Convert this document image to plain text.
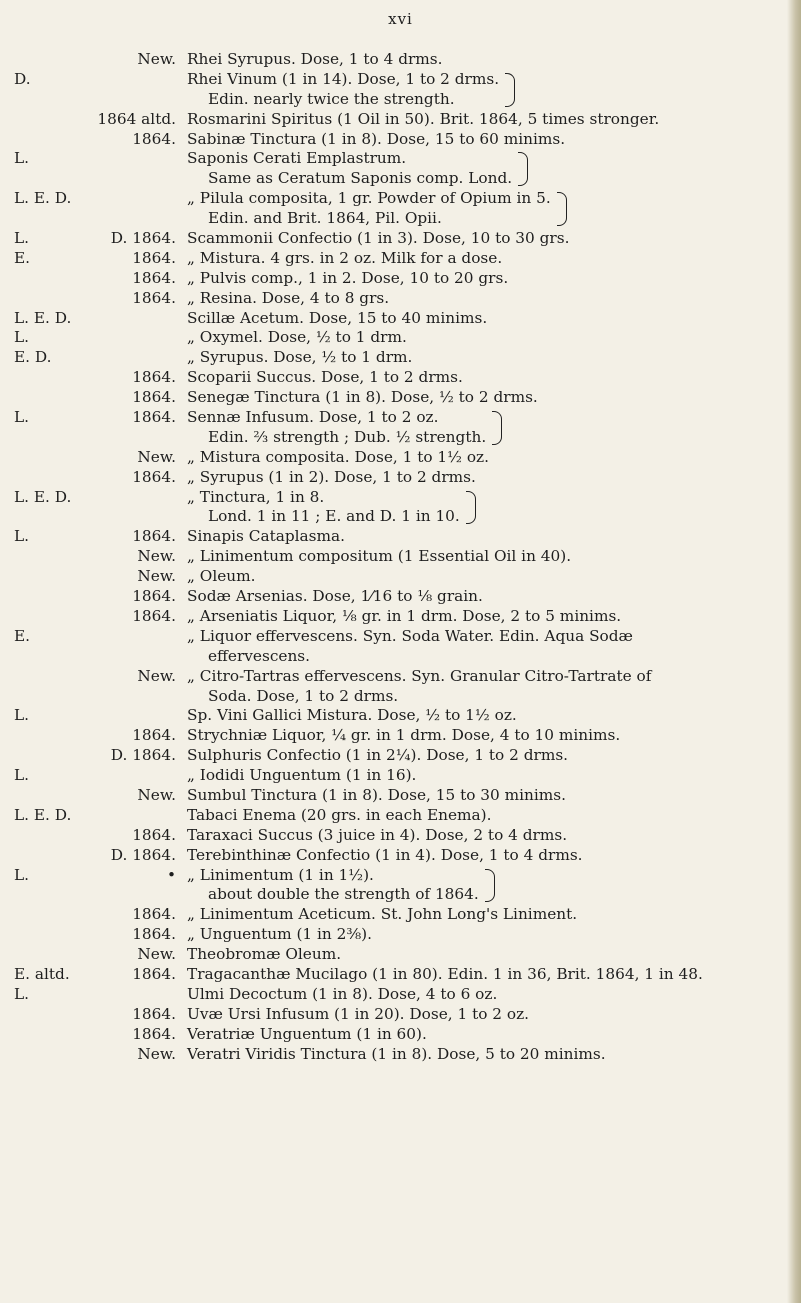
xvi
New. Rhei Syrupus. Dose, 1 to 4 drms.
D.	Rhei Vinum (1 in 14). Dose, 1 to 2 drms.
Edin. nearly twice the strength.
1864 altd. Rosmarini Spiritus (1 Oil in 50). Brit. 1864, 5 times stronger.
1864. Sabinæ Tinctura (1 in 8). Dose, 15 to 60 minims.
L.	Saponis Cerati Emplastrum.
Same as Ceratum Saponis comp. Lond.
L. E. D.	„ Pilula composita, 1 gr. Powder of Opium in 5.
Edin. and Brit. 1864, Pil. Opii.
L.	D. 1864. Scammonii Confectio (1 in 3). Dose, 10 to 30 grs.
E.	1864. „ Mistura. 4 grs. in 2 oz. Milk for a dose.
1864. „ Pulvis comp., 1 in 2. Dose, 10 to 20 grs.
1864. „ Resina. Dose, 4 to 8 grs.
L. E. D.	Scillæ Acetum. Dose, 15 to 40 minims.
L.	„ Oxymel. Dose, ½ to 1 drm.
E. D.	„ Syrupus. Dose, ½ to 1 drm.
1864. Scoparii Succus. Dose, 1 to 2 drms.
1864. Senegæ Tinctura (1 in 8). Dose, ½ to 2 drms.
L.	1864. Sennæ Infusum. Dose, 1 to 2 oz.
Edin. ⅔ strength ; Dub. ½ strength.
New. „ Mistura composita. Dose, 1 to 1½ oz.
1864. „ Syrupus (1 in 2). Dose, 1 to 2 drms.
L. E. D.	„ Tinctura, 1 in 8.
Lond. 1 in 11 ; E. and D. 1 in 10.
L.	1864. Sinapis Cataplasma.
New. „ Linimentum compositum (1 Essential Oil in 40).
New. „ Oleum.
1864. Sodæ Arsenias. Dose, 1⁄16 to ⅛ grain.
1864. „ Arseniatis Liquor, ⅛ gr. in 1 drm. Dose, 2 to 5 minims.
E.	„ Liquor effervescens. Syn. Soda Water. Edin. Aqua Sodæ
effervescens.
New. „ Citro-Tartras effervescens. Syn. Granular Citro-Tartrate of
Soda. Dose, 1 to 2 drms.
L.	Sp. Vini Gallici Mistura. Dose, ½ to 1½ oz.
1864. Strychniæ Liquor, ¼ gr. in 1 drm. Dose, 4 to 10 minims.
D. 1864. Sulphuris Confectio (1 in 2¼). Dose, 1 to 2 drms.
L.	„ Iodidi Unguentum (1 in 16).
New. Sumbul Tinctura (1 in 8). Dose, 15 to 30 minims.
L. E. D.	Tabaci Enema (20 grs. in each Enema).
1864. Taraxaci Succus (3 juice in 4). Dose, 2 to 4 drms.
D. 1864. Terebinthinæ Confectio (1 in 4). Dose, 1 to 4 drms.
L.	• „ Linimentum (1 in 1½).
about double the strength of 1864.
1864. „ Linimentum Aceticum. St. John Long's Liniment.
1864. „ Unguentum (1 in 2⅜).
New. Theobromæ Oleum.
E. altd.	1864. Tragacanthæ Mucilago (1 in 80). Edin. 1 in 36, Brit. 1864, 1 in 48.
L.	Ulmi Decoctum (1 in 8). Dose, 4 to 6 oz.
1864. Uvæ Ursi Infusum (1 in 20). Dose, 1 to 2 oz.
1864. Veratriæ Unguentum (1 in 60).
New. Veratri Viridis Tinctura (1 in 8). Dose, 5 to 20 minims.
